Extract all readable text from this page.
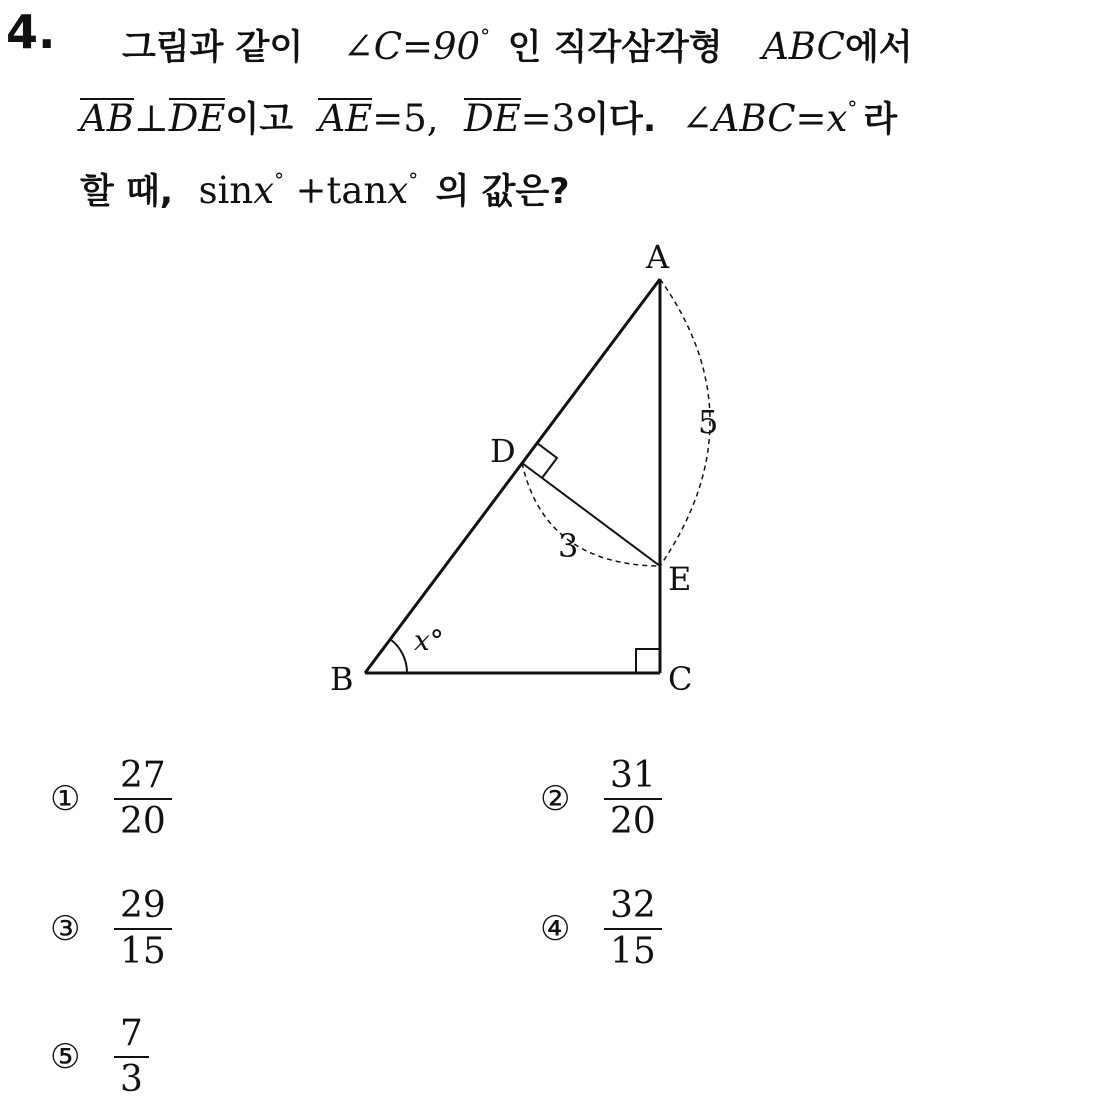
4. 그림과 같이 ∠C=90° 인 직각삼각형 ABC에서
AB⊥DE이고 AE=5, DE=3이다. ∠ABC=x° 라
할 때, sinx° +tanx° 의 값은?
A
B	C
D
E
5
3
x°
① $\frac{27}{20}$	② $\frac{31}{20}$
③ $\frac{29}{15}$	④ $\frac{32}{15}$
⑤ $\frac{7}{3}$
